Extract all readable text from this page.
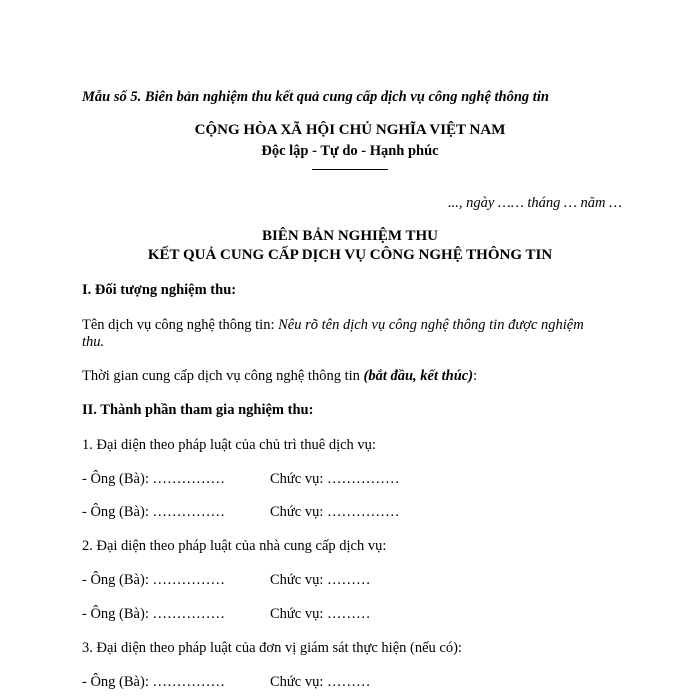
Mẫu số 5. Biên bản nghiệm thu kết quả cung cấp dịch vụ công nghệ thông tin
CỘNG HÒA XÃ HỘI CHỦ NGHĨA VIỆT NAM
Độc lập - Tự do - Hạnh phúc
..., ngày …… tháng … năm …
BIÊN BẢN NGHIỆM THU
KẾT QUẢ CUNG CẤP DỊCH VỤ CÔNG NGHỆ THÔNG TIN
I. Đối tượng nghiệm thu:
Tên dịch vụ công nghệ thông tin: Nêu rõ tên dịch vụ công nghệ thông tin được nghiệm
thu.
Thời gian cung cấp dịch vụ công nghệ thông tin (bắt đầu, kết thúc):
II. Thành phần tham gia nghiệm thu:
1. Đại diện theo pháp luật của chủ trì thuê dịch vụ:
- Ông (Bà): ……………	Chức vụ: ……………
- Ông (Bà): ……………	Chức vụ: ……………
2. Đại diện theo pháp luật của nhà cung cấp dịch vụ:
- Ông (Bà): ……………	Chức vụ: ………
- Ông (Bà): ……………	Chức vụ: ………
3. Đại diện theo pháp luật của đơn vị giám sát thực hiện (nếu có):
- Ông (Bà): ……………	Chức vụ: ………
